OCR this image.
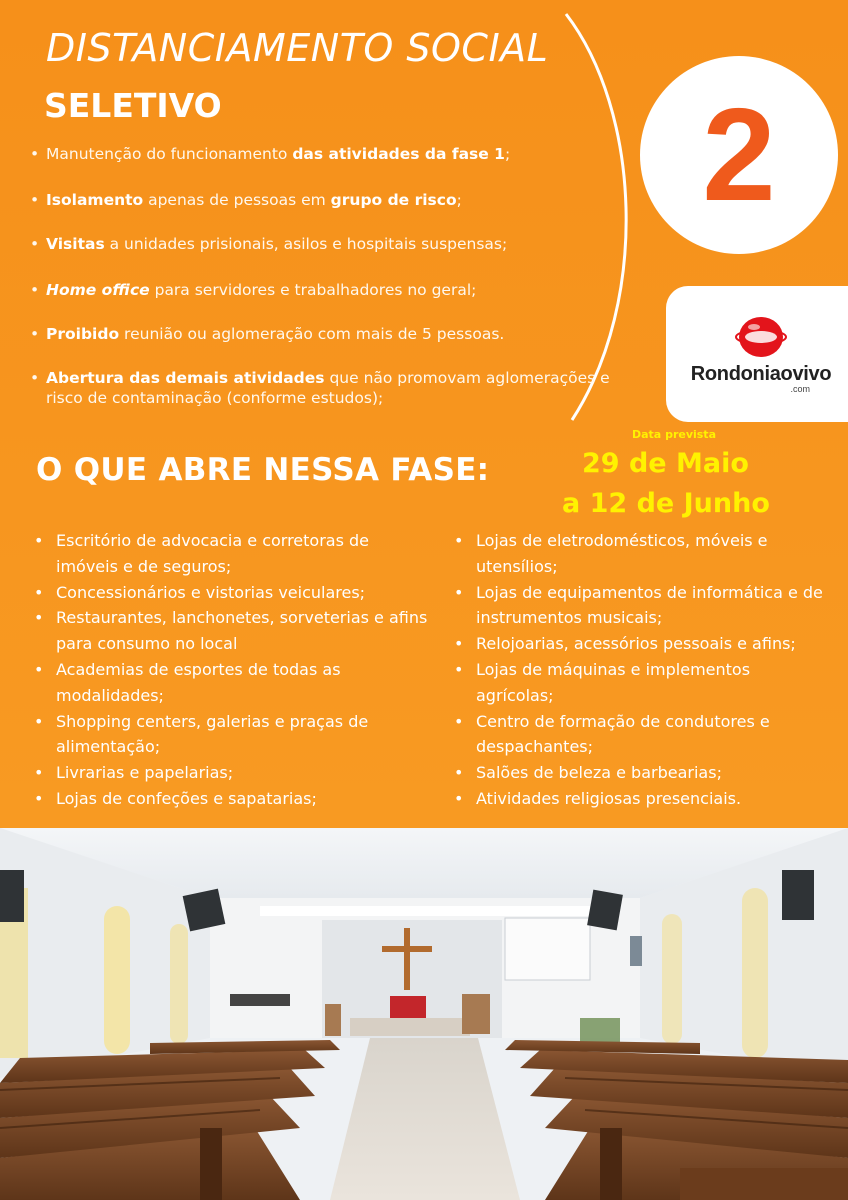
DISTANCIAMENTO SOCIAL
SELETIVO	2
Rondoniaovivo
.com
• Manutenção do funcionamento das atividades da fase 1;
• Isolamento apenas de pessoas em grupo de risco;
• Visitas a unidades prisionais, asilos e hospitais suspensas;
• Home office para servidores e trabalhadores no geral;
• Proibido reunião ou aglomeração com mais de 5 pessoas.
• Abertura das demais atividades que não promovam aglomerações e risco de contaminação (conforme estudos);
O QUE ABRE NESSA FASE:
Data prevista
29 de Maio
a 12 de Junho
• Escritório de advocacia e corretoras de imóveis e de seguros;
• Concessionários e vistorias veiculares;
• Restaurantes, lanchonetes, sorveterias e afins para consumo no local
• Academias de esportes de todas as modalidades;
• Shopping centers, galerias e praças de alimentação;
• Livrarias e papelarias;
• Lojas de confeções e sapatarias;
• Lojas de eletrodomésticos, móveis e utensílios;
• Lojas de equipamentos de informática e de instrumentos musicais;
• Relojoarias, acessórios pessoais e afins;
• Lojas de máquinas e implementos agrícolas;
• Centro de formação de condutores e despachantes;
• Salões de beleza e barbearias;
• Atividades religiosas presenciais.
